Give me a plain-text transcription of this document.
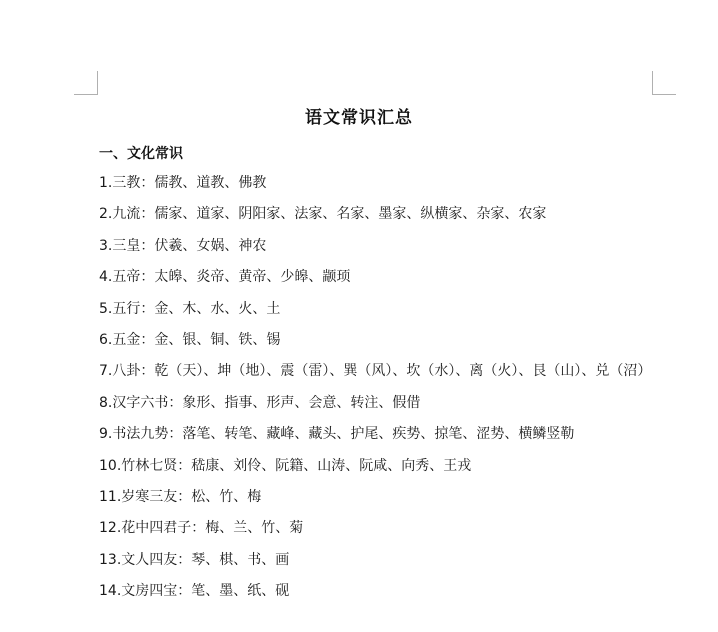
语文常识汇总
一、文化常识
1.三教：儒教、道教、佛教
2.九流：儒家、道家、阴阳家、法家、名家、墨家、纵横家、杂家、农家
3.三皇：伏羲、女娲、神农
4.五帝：太皞、炎帝、黄帝、少皞、颛顼
5.五行：金、木、水、火、土
6.五金：金、银、铜、铁、锡
7.八卦：乾（天）、坤（地）、震（雷）、巽（风）、坎（水）、离（火）、艮（山）、兑（沼）
8.汉字六书：象形、指事、形声、会意、转注、假借
9.书法九势：落笔、转笔、藏峰、藏头、护尾、疾势、掠笔、涩势、横鳞竖勒
10.竹林七贤：嵇康、刘伶、阮籍、山涛、阮咸、向秀、王戎
11.岁寒三友：松、竹、梅
12.花中四君子：梅、兰、竹、菊
13.文人四友：琴、棋、书、画
14.文房四宝：笔、墨、纸、砚
